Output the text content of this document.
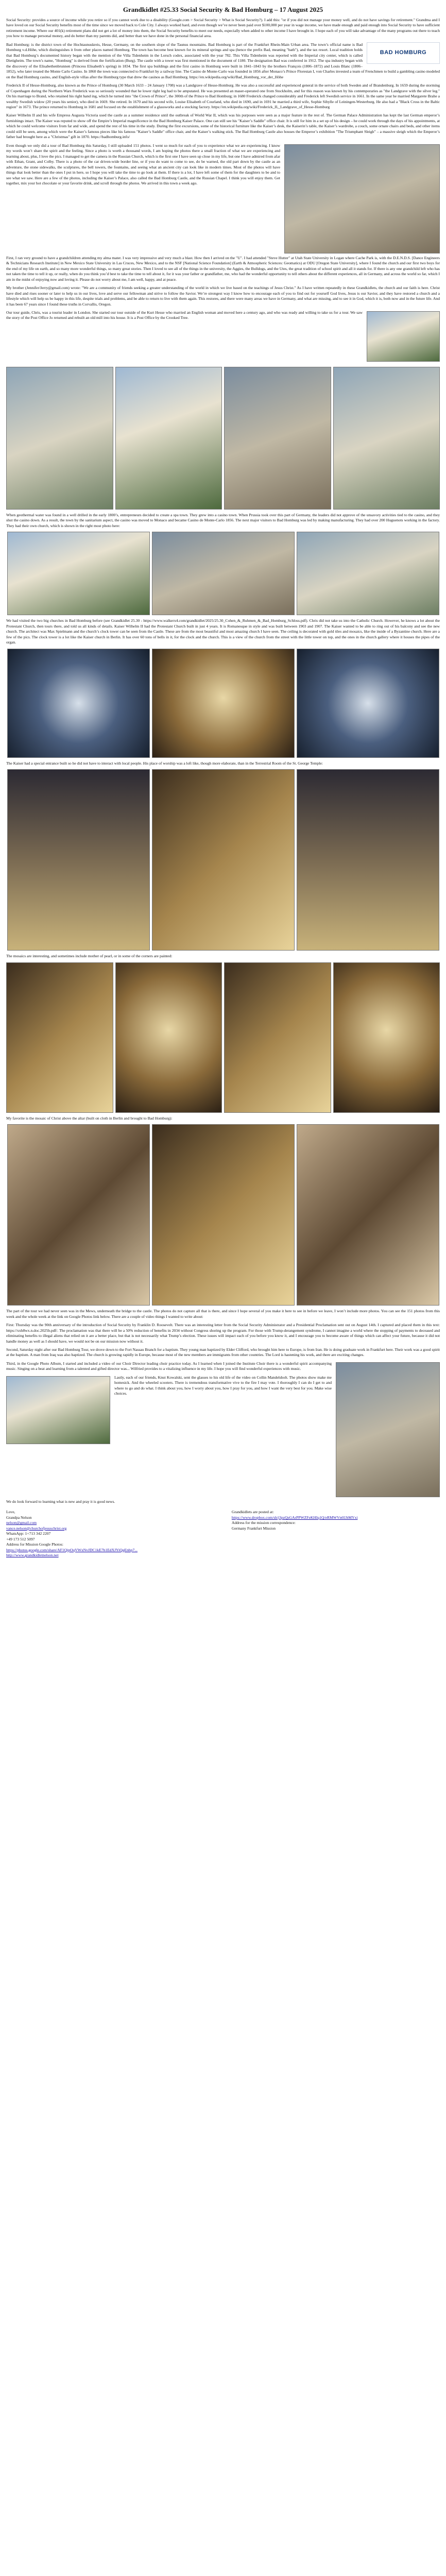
Grandkidlet #25.33 Social Security & Bad Homburg – 17 August 2025

Social Security: provides a source of income while you retire so if you cannot work due to a disability (Google.com > Social Security > What is Social Security?). I add this: "or if you did not manage your money well, and do not have savings for retirement." Grandma and I have loved on our Social Security benefits most of the time since we moved back to Cole City. I always worked hard, and even though we’ve never been paid over $100,000 per year in wage income, we have made enough and paid enough into Social Security to have sufficient retirement income. Where our 401(k) retirement plans did not get a lot of money into them, the Social Security benefits to meet our needs, especially when added to other income I have brought in. I hope each of you will take advantage of the many programs out there to teach you how to manage personal money, and do better than my parents did, and better than we have done in the personal financial area.

BAD HOMBURG

Bad Homburg: is the district town of the Hochtaunuskreis, Hesse, Germany, on the southern slope of the Taunus mountains. Bad Homburg is part of the Frankfurt Rhein-Main Urban area. The town’s official name is Bad Homburg v.d.Höhe, which distinguishes it from other places named Homburg. The town has become best known for its mineral springs and spa (hence the prefix Bad, meaning "bath"), and the tax resort. Local tradition holds that Bad Homburg’s documented history began with the mention of the Villa Tidenheim in the Lorsch codex, associated with the year 782. This Villa Tidenheim was reported with the Imperial city center, which is called Dietigheim. The town’s name, "Homburg" is derived from the fortification (Burg). The castle with a tower was first mentioned in the document of 1180. The designation Bad was conferred in 1912. The spa industry began with the discovery of the Elisabethenbrunnen (Princess Elisabeth’s spring) in 1834. The first spa buildings and the first casino in Homburg were built in 1841–1843 by the brothers François (1806–1872) and Louis Blanc (1806–1852), who later treated the Monte Carlo Casino. In 1860 the town was connected to Frankfurt by a railway line. The Casino de Monte-Carlo was founded in 1856 after Monaco’s Prince Florestan I, von Charles invested a team of Frenchmen to build a gambling casino modeled on the Bad Homburg casino, and English-style villas after the Homburg type that drew the casinos as Bad Homburg. https://en.wikipedia.org/wiki/Bad_Homburg_vor_der_Höhe

Frederick II of Hesse-Homburg, also known as the Prince of Homburg (30 March 1633 – 24 January 1708) was a Landgrave of Hesse-Homburg. He was also a successful and experienced general in the service of both Sweden and of Brandenburg. In 1659 during the storming of Copenhagen during the Northern Wars Frederick was so seriously wounded that he lower right leg had to be amputated. He was presented an maser-operated one from Stockholm, and for this reason was known by his contemporaries as "the Landgrave with the silver leg." On his marriage to Brand, who retained his right hand ing, which he turned into "the Crown of Prince", the 300th of the Prince to Bad Homburg; in 1680 Frederick changed considerably and Frederick left Swedish service in 1661. In the same year he married Margarete Brahe a wealthy Swedish widow (20 years his senior), who died in 1669. She retired. In 1670 and his second wife, Louise Elisabeth of Courland, who died in 1690, and in 1691 he married a third wife, Sophie Sibylle of Leiningen-Westerburg. He also had a "Black Cross in the Baltic region" in 1673. The prince returned to Homburg in 1681 and focused on the establishment of a glassworks and a stocking factory. https://en.wikipedia.org/wiki/Frederick_II,_Landgrave_of_Hesse-Homburg

Kaiser Wilhelm II and his wife Empress Augusta Victoria used the castle as a summer residence until the outbreak of World War II, which was his purposes were seen as a major feature in the rest of. The German Palace Administration has kept the last German emperor’s furnishings intact. The Kaiser was reputed to show off the Empire’s Imperial magnificence in the Bad Homburg Kaiser Palace. One can still see his "Kaiser’s Saddle" office chair. It is still for him in a set up of his design – he could work through the days of his appointments, at which he could welcome visitors from far and wide, and spend the rest of his time in the study. During the first excursions, some of the historical furniture like the Kaiser’s desk, the Kaiserin’s table, the Kaiser’s wardrobe, a couch, some ornate chairs and beds, and other items could still be seen, among which were the Kaiser’s famous pieces like his famous "Kaiser’s Saddle" office chair, and the Kaiser’s walking stick. The Bad Homburg Castle also houses the Emperor’s exhibition "The Triumphant Sleigh" – a massive sleigh which the Emperor’s father had brought here as a "Christmas" gift in 1870. https://badhomburg.info/

Even though we only did a tour of Bad Homburg this Saturday, I still uploaded 151 photos. I went so much for each of you to experience what we are experiencing. I know my words won’t share the spirit and the feeling. Since a photo is worth a thousand words, I am hoping the photos there a small fraction of what we are experiencing and learning about, plus, I love the pics. I managed to get the camera in the Russian Church, which is the first one I have seen up close in my life, but one I have admired from afar with Ethan, Grant, and Colby. There is a photo of the car driven-wide border line, or if you do want to come to see, do be warned, the old part down by the castle as an adventure, the stone sidewalks, the sculptures, the bell towers, the fountains, and seeing what an ancient city can look like in modern times. Most of the photos will have things that look better than the ones I put in here, so I hope you will take the time to go look at them. If there is a lot, I have left some of them for the daughters to be and to see what we saw. Here are a few of the photos, including the Kaiser’s Palace, also called the Bad Homburg Castle, and the Russian Chapel. I think you will enjoy them. Get together, mix your hot chocolate or your favorite drink, and scroll through the photos. We arrived in this town a week ago.

First, I ran very ground to have a grandchildren attending my alma mater. I was very impressive and very much a blast. How then I arrived on the "U". I had attended "Steve Hutter" at Utah State University in Logan where Cache Park is, with the D.E.N.D.S. [Dance Engineers & Technicians Research Institute] in New Mexico State University in Las Cruces, New Mexico, and to the NSF [National Science Foundation] (Earth & Atmospheric Sciences: Geomatics) at ODU [Oregon State University], where I found the church and our first two boys for the end of my life on earth, and so many more wonderful things, so many great stories. Then I loved to see all of the things in the university, the Aggies, the Bulldogs, and the Utes, the great tradition of school spirit and all it stands for. If there is any one grandchild left who has not taken the time to tell it up, or really, when do you think you’d best to take the time to tell about it, for it was your father or grandfather, me, who had the wonderful opportunity to tell others about the different experiences, all in Germany, and across the world so far, which I am in the midst of enjoying now and loving it. Please do not worry about me, I am well, happy, and at peace.

My brother (Jennifer/Jerry@gmail.com) wrote: "We are a community of friends seeking a greater understanding of the world in which we live based on the teachings of Jesus Christ." As I have written repeatedly in these Grandkidlets, the church and our faith is here. Christ have died and rises sooner or later to help us in our lives, love and serve our fellowman and strive to follow the Savior. We’re strongest way I know how to encourage each of you to find out for yourself God lives, Jesus is our Savior, and they have restored a church and a lifestyle which will help us be happy in this life, despite trials and problems, and be able to return to live with them again. This restores, and there were many areas we have in Germany, and what are missing, and to see it in God, which it is, both now and in the future life. And it has been 67 years since I found these truths in Corvallis, Oregon.

Our tour guide, Chris, was a tourist leader in London. She started our tour outside of the Kurt Hesse who married an English woman and moved here a century ago, and who was ready and willing to take us for a tour. We saw the story of the Post Office Jo returned and rebuilt an old mill into his house. It is a Post Office by the Crooked Tree.

When geothermal water was found in a well drilled in the early 1800’s, entrepreneurs decided to create a spa town. They grew into a casino town. When Prussia took over this part of Germany, the leaders did not approve of the unsavory activities tied to the casino, and they shut the casino down. As a result, the town by the sanitarium aspect, the casino was moved to Monaco and became Casino de Monte-Carlo 1856. The next major visitors to Bad Homburg was led by making manufacturing. They had over 200 Huguenots working in the factory. They had their own church, which is shown in the right most photo here:

We had visited the two big churches in Bad Homburg before (see Grandkidlet 25.30 - https://www.walkerx4.com/grandkidlet/2025/25.30_Cohen_&_Ruhmen_&_Bad_Homburg_Schloss.pdf). Chris did not take us into the Catholic Church. However, he knows a lot about the Protestant Church, then tours there, and told us all kinds of details. Kaiser Wilhelm II had the Protestant Church built in just 4 years. It is Romanesque in style and was built between 1903 and 1907. The Kaiser wanted to be able to ring out of his balcony and see the new church. The architect was Max Spielmann and the church’s clock tower can be seen from the Castle. These are from the most beautiful and most amazing church I have seen. The ceiling is decorated with gold tiles and mosaics, like the inside of a Byzantine church. Here are a few of the pics. The clock tower is a lot like the Kaiser church in Berlin. It has over 60 tons of bells in it, for the clock and the church. This is a view of the church from the street with the little tower on top, and the ones in the church gallery where it houses the pipes of the organ.

The Kaiser had a special entrance built so he did not have to interact with local people. His place of worship was a loft like, though more elaborate, than in the Terrestrial Room of the St. George Temple:

The mosaics are interesting, and sometimes include mother of pearl, or in some of the corners are painted:

My favorite is the mosaic of Christ above the altar (built on cloth in Berlin and brought to Bad Homburg):

The part of the tour we had never seen was in the Mews, underneath the bridge to the castle. The photos do not capture all that is there, and since I hope several of you make it here to see in before we leave, I won’t include more photos. You can see the 151 photos from this week and the whole week at the link on Google Photos link below. There are a couple of video things I wanted to write about:

First: Thursday was the 90th anniversary of the introduction of Social Security by Franklin D. Roosevelt. There was an interesting letter from the Social Security Administrator and a Presidential Proclamation sent out on August 14th. I captured and placed them in this text: https://xxh8wx.n.doc.2025b.pdf/. The proclamation was that there will be a 50% reduction of benefits in 2034 without Congress shoring up the program. For those with Trump-derangement syndrome, I cannot imagine a world where the stopping of payments to deceased and eliminating benefits to illegal aliens that relied on it are a better place, but that is not necessarily what Trump’s election. These issues will impact each of you before you know it, and I encourage you to become aware of things which can affect your future, because it did not handle money as well as I should have, we would not be on our mission now without it.

Second, Saturday night after our Bad Homburg Tour, we drove down to the Fort Nassau Branch for a baptism. They young man baptized by Elder Clifford, who brought him here to Europe, is from Iran. He is doing graduate work in Frankfurt here. Their work was a good spirit at the baptism. A man from Iraq was also baptized. The church is growing rapidly in Europe, because most of the new members are immigrants from other countries. The Lord is hastening his work, and there are exciting changes.

Third, in the Google Photo Album, I started and included a video of our Choir Director leading choir practice today. As I learned when I joined the Institute Choir there is a wonderful spirit accompanying music. Singing on a beat and learning from a talented and gifted director was... Wilfried provides to a vitalizing influence in my life. I hope you will find wonderful experiences with music.

Lastly, each of our friends, Knut Kowalski, sent the glasses to his old life of the video on Collin Mandelsholt. The photos show make me homesick. And the wheeled scooters. There is tremendous transformative vive to the fire I may vote. I thoroughly I can do I get to and where to go and do what. I think about you, how I worry about you, how I pray for you, and how I want the very best for you. Make wise choices.

We do look forward to learning what is new and pray it is good news.

Love,
Grandpa Nelson
nelson@gmail.com
vance.nelson@churchofjesuschrist.org
WhatsApp: 1+713 342 2207
+49 173 512 5097
Address for Mission Google Photos:
https://photos.google.com/share/AF1QipOqVWxNvJDC1kE7b1EdXJYiQqEnhp7...
http://www.grandkidletnelson.net
Grandkidlets are posted at:
https://www.dropbox.com/sh/j3pzQsGArPPWZFeKHIq1Q/eRMWVn6UbMYxi
Address for the mission correspondence:
Germany Frankfurt Mission
